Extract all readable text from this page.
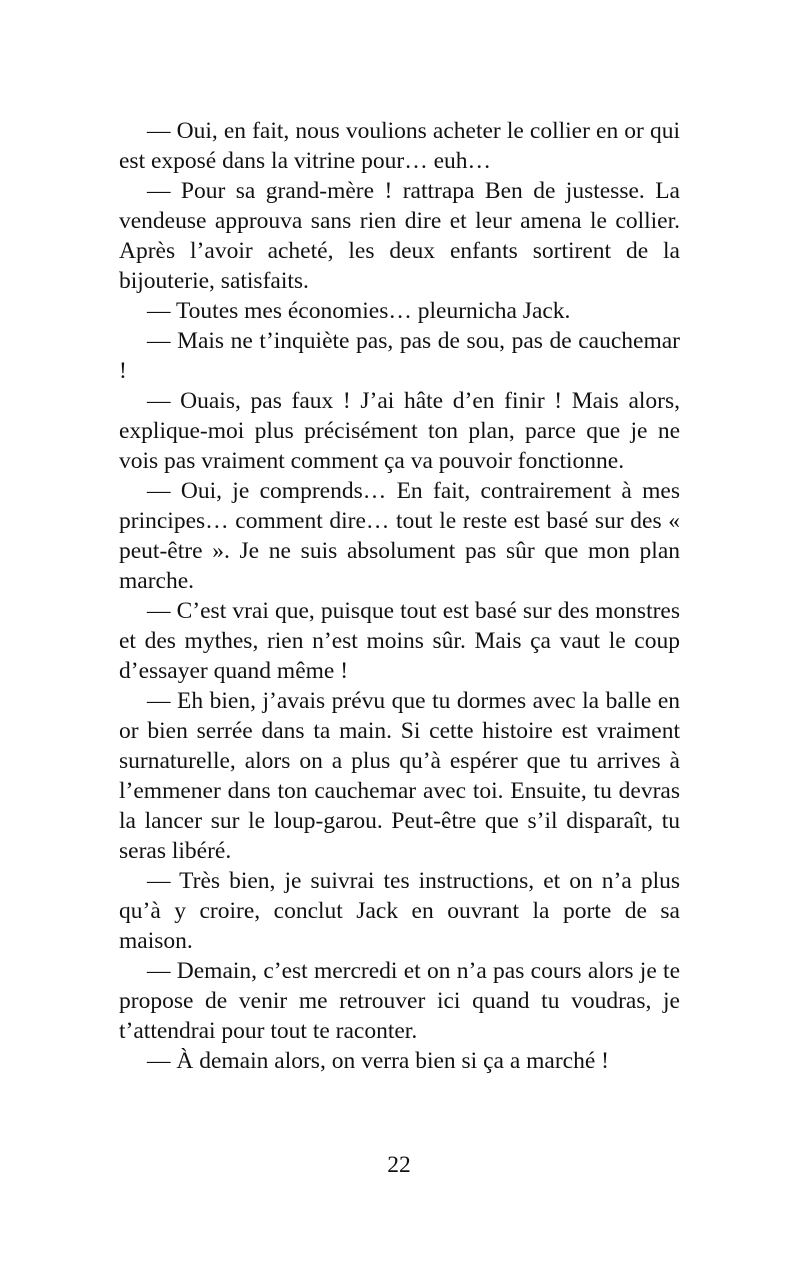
— Oui, en fait, nous voulions acheter le collier en or qui est exposé dans la vitrine pour… euh…

— Pour sa grand-mère ! rattrapa Ben de justesse. La vendeuse approuva sans rien dire et leur amena le collier. Après l’avoir acheté, les deux enfants sortirent de la bijouterie, satisfaits.

— Toutes mes économies… pleurnicha Jack.

— Mais ne t’inquiète pas, pas de sou, pas de cauchemar !

— Ouais, pas faux ! J’ai hâte d’en finir ! Mais alors, explique-moi plus précisément ton plan, parce que je ne vois pas vraiment comment ça va pouvoir fonctionne.

— Oui, je comprends… En fait, contrairement à mes principes… comment dire… tout le reste est basé sur des « peut-être ». Je ne suis absolument pas sûr que mon plan marche.

— C’est vrai que, puisque tout est basé sur des monstres et des mythes, rien n’est moins sûr. Mais ça vaut le coup d’essayer quand même !

— Eh bien, j’avais prévu que tu dormes avec la balle en or bien serrée dans ta main. Si cette histoire est vraiment surnaturelle, alors on a plus qu’à espérer que tu arrives à l’emmener dans ton cauchemar avec toi. Ensuite, tu devras la lancer sur le loup-garou. Peut-être que s’il disparaît, tu seras libéré.

— Très bien, je suivrai tes instructions, et on n’a plus qu’à y croire, conclut Jack en ouvrant la porte de sa maison.

— Demain, c’est mercredi et on n’a pas cours alors je te propose de venir me retrouver ici quand tu voudras, je t’attendrai pour tout te raconter.

— À demain alors, on verra bien si ça a marché !

22
